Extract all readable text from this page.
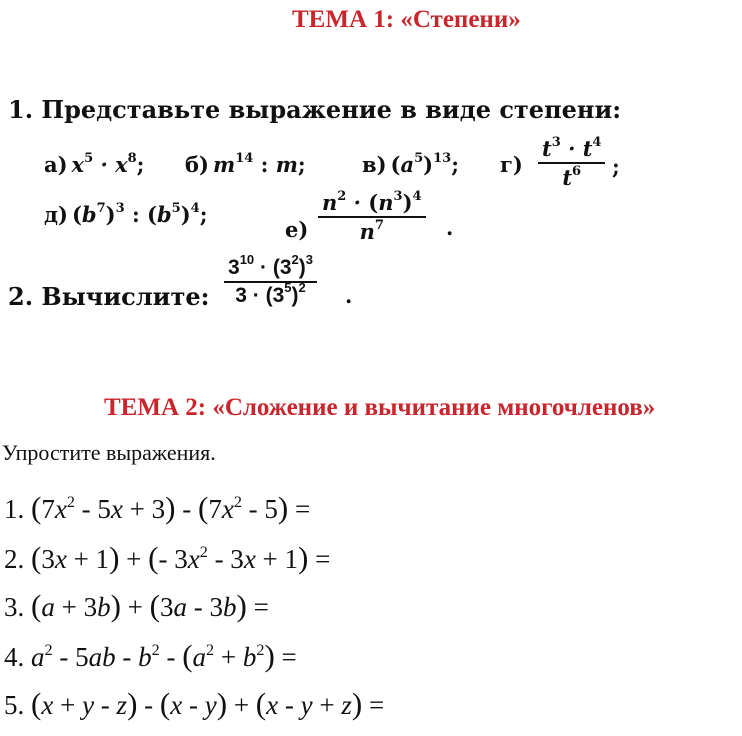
ТЕМА 1: «Степени»
1. Представьте выражение в виде степени:
а) $x^5 \cdot x^8$; б) $m^{14}$ : m;	в) $(a^5)^{13}$; г)
$t^3 \cdot t^4$
$t^6$	;
д) $(b^7)^3$ : $(b^5)^4$;
е)
$n^2 \cdot (n^3)^4$
$n^7$	.
2. Вычислите:
$3^{10} \cdot (3^2)^3$
$3 \cdot (3^5)^2$	.
ТЕМА 2: «Сложение и вычитание многочленов»
Упростите выражения.
1. $(7x^2 - 5x + 3) - (7x^2 - 5)$ =
2. (3x + 1) + (- $3x^2 - 3x + 1$) =
3. (a + 3b) + (3a - 3b) =
4. $a^2 - 5ab - b^2 - (a^2 + b^2)$ =
5. (x + y - z) - (x - y) + (x - y + z) =
